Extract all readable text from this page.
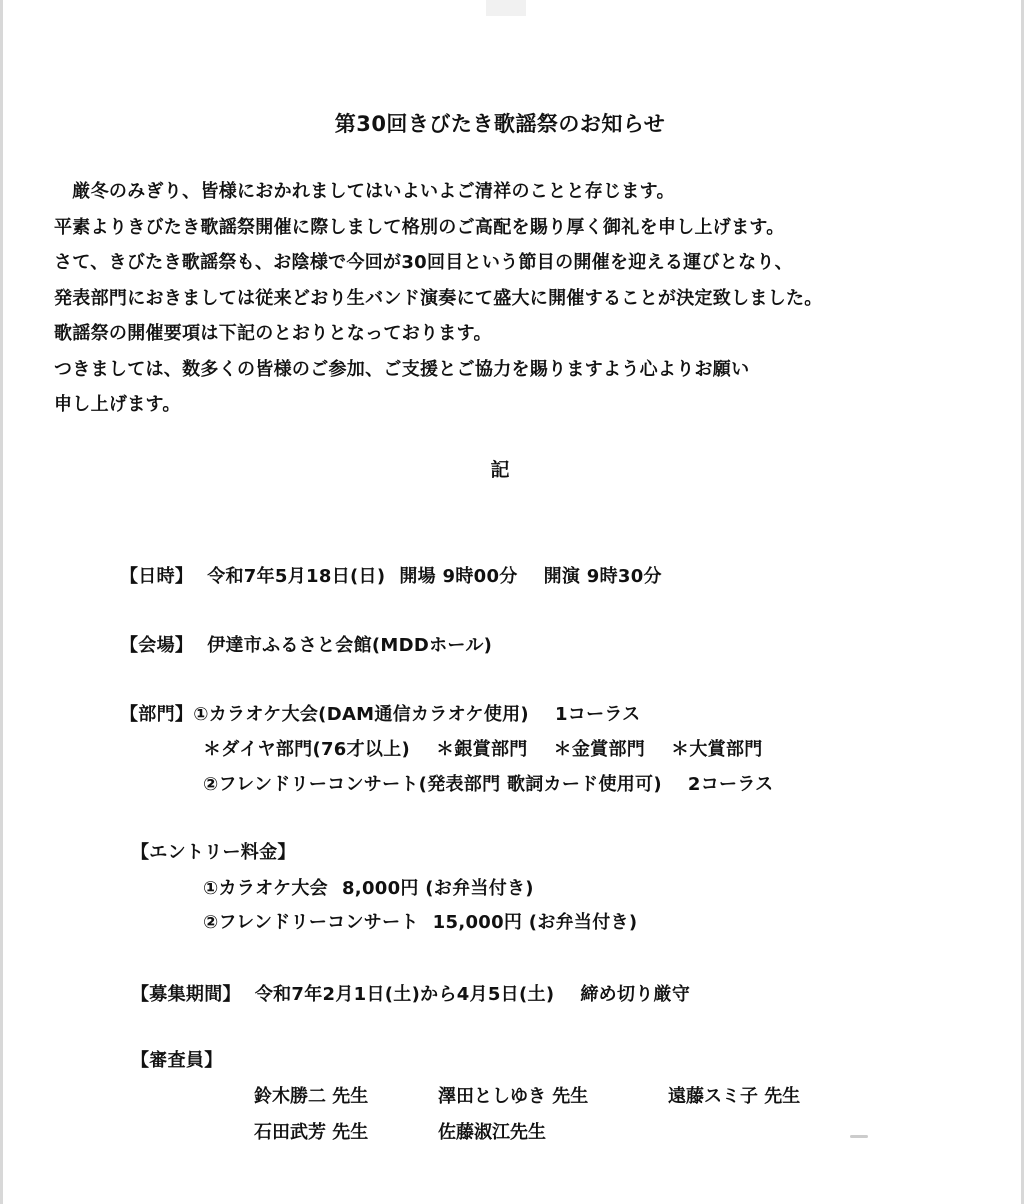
第30回きびたき歌謡祭のお知らせ

　厳冬のみぎり、皆様におかれましてはいよいよご清祥のことと存じます。

平素よりきびたき歌謡祭開催に際しまして格別のご高配を賜り厚く御礼を申し上げます。

さて、きびたき歌謡祭も、お陰様で今回が30回目という節目の開催を迎える運びとなり、

発表部門におきましては従来どおり生バンド演奏にて盛大に開催することが決定致しました。

歌謡祭の開催要項は下記のとおりとなっております。

つきましては、数多くの皆様のご参加、ご支援とご協力を賜りますよう心よりお願い

申し上げます。

記
【日時】 令和7年5月18日(日) 開場 9時00分 開演 9時30分
【会場】 伊達市ふるさと会館(MDDホール)
【部門】①カラオケ大会(DAM通信カラオケ使用) 1コーラス
＊ダイヤ部門(76才以上) ＊銀賞部門 ＊金賞部門 ＊大賞部門
②フレンドリーコンサート(発表部門 歌詞カード使用可) 2コーラス
【エントリー料金】
①カラオケ大会 8,000円 (お弁当付き)
②フレンドリーコンサート 15,000円 (お弁当付き)
【募集期間】 令和7年2月1日(土)から4月5日(土) 締め切り厳守
【審査員】
鈴木勝二 先生	澤田としゆき 先生	遠藤スミ子 先生
石田武芳 先生	佐藤淑江先生
